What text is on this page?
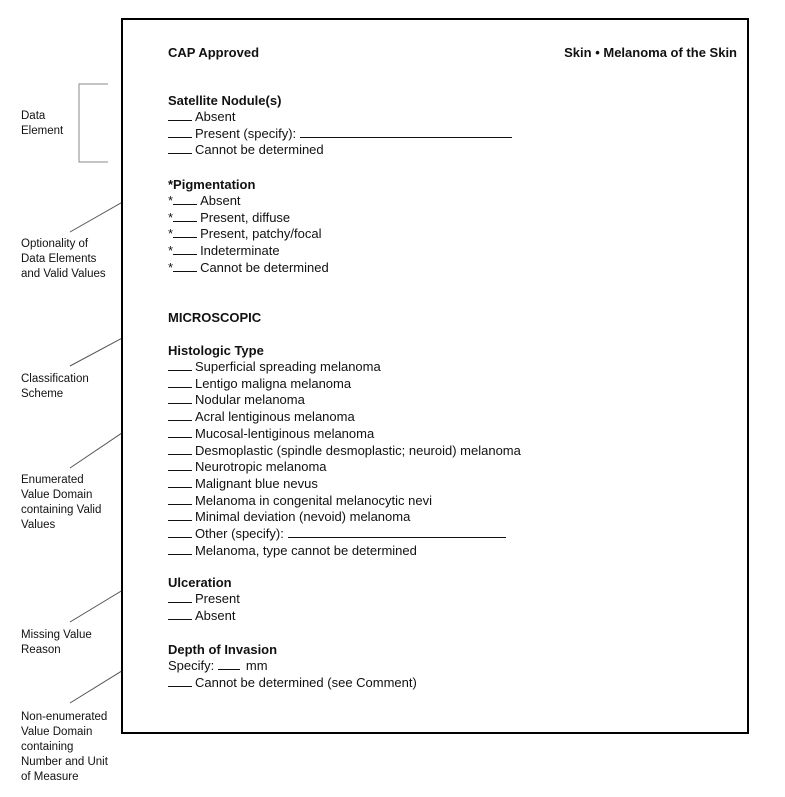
Data
Element
Optionality of
Data Elements
and Valid Values
Classification
Scheme
Enumerated
Value Domain
containing Valid
Values
Missing Value
Reason
Non-enumerated
Value Domain
containing
Number and Unit
of Measure
CAP Approved	Skin • Melanoma of the Skin
Satellite Nodule(s)
Absent
Present (specify):
Cannot be determined
*Pigmentation
* Absent
* Present, diffuse
* Present, patchy/focal
* Indeterminate
* Cannot be determined
MICROSCOPIC
Histologic Type
Superficial spreading melanoma
Lentigo maligna melanoma
Nodular melanoma
Acral lentiginous melanoma
Mucosal-lentiginous melanoma
Desmoplastic (spindle desmoplastic; neuroid) melanoma
Neurotropic melanoma
Malignant blue nevus
Melanoma in congenital melanocytic nevi
Minimal deviation (nevoid) melanoma
Other (specify):
Melanoma, type cannot be determined
Ulceration
Present
Absent
Depth of Invasion
Specify: mm
Cannot be determined (see Comment)
